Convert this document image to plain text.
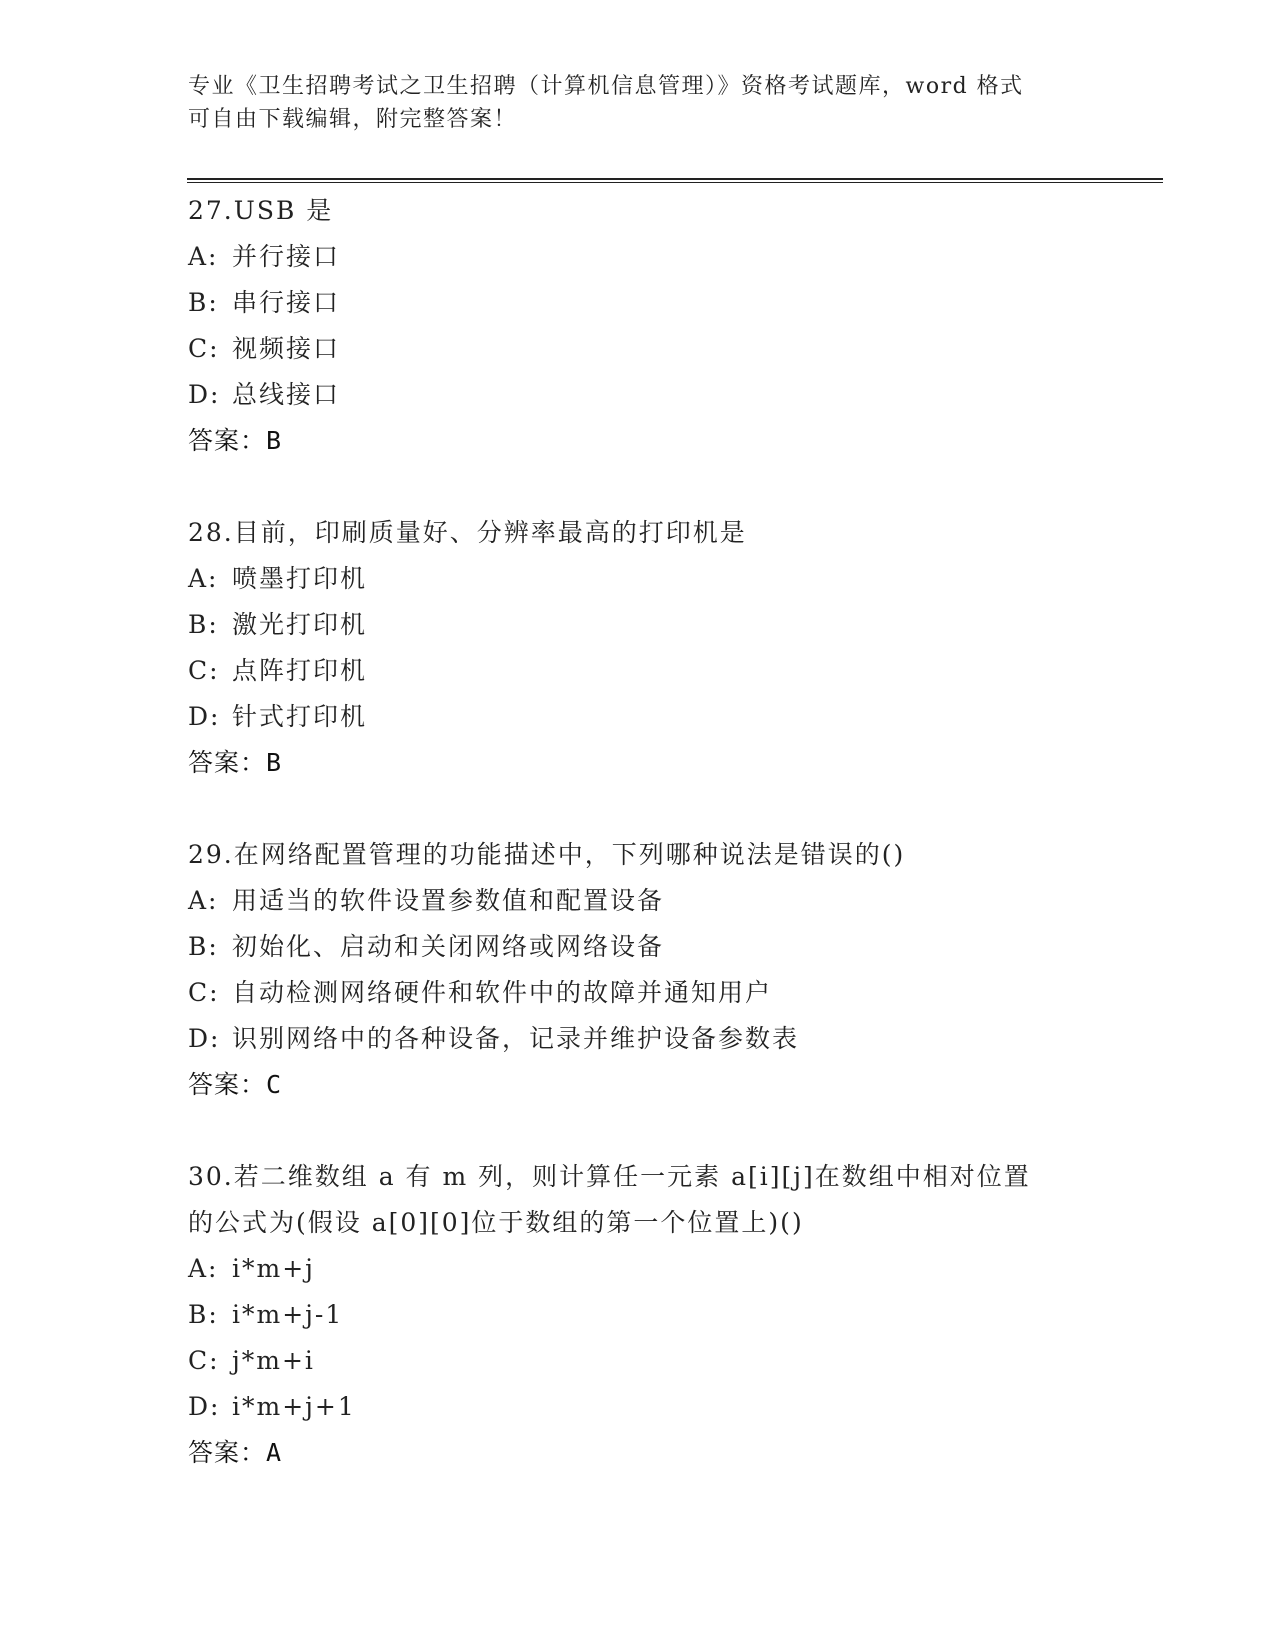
专业《卫生招聘考试之卫生招聘（计算机信息管理）》资格考试题库，word 格式
可自由下载编辑，附完整答案！
27.USB 是
A: 并行接口
B: 串行接口
C: 视频接口
D: 总线接口
答案：B
28.目前，印刷质量好、分辨率最高的打印机是
A: 喷墨打印机
B: 激光打印机
C: 点阵打印机
D: 针式打印机
答案：B
29.在网络配置管理的功能描述中，下列哪种说法是错误的()
A: 用适当的软件设置参数值和配置设备
B: 初始化、启动和关闭网络或网络设备
C: 自动检测网络硬件和软件中的故障并通知用户
D: 识别网络中的各种设备，记录并维护设备参数表
答案：C
30.若二维数组 a 有 m 列，则计算任一元素 a[i][j]在数组中相对位置
的公式为(假设 a[0][0]位于数组的第一个位置上)()
A: i*m+j
B: i*m+j-1
C: j*m+i
D: i*m+j+1
答案：A
